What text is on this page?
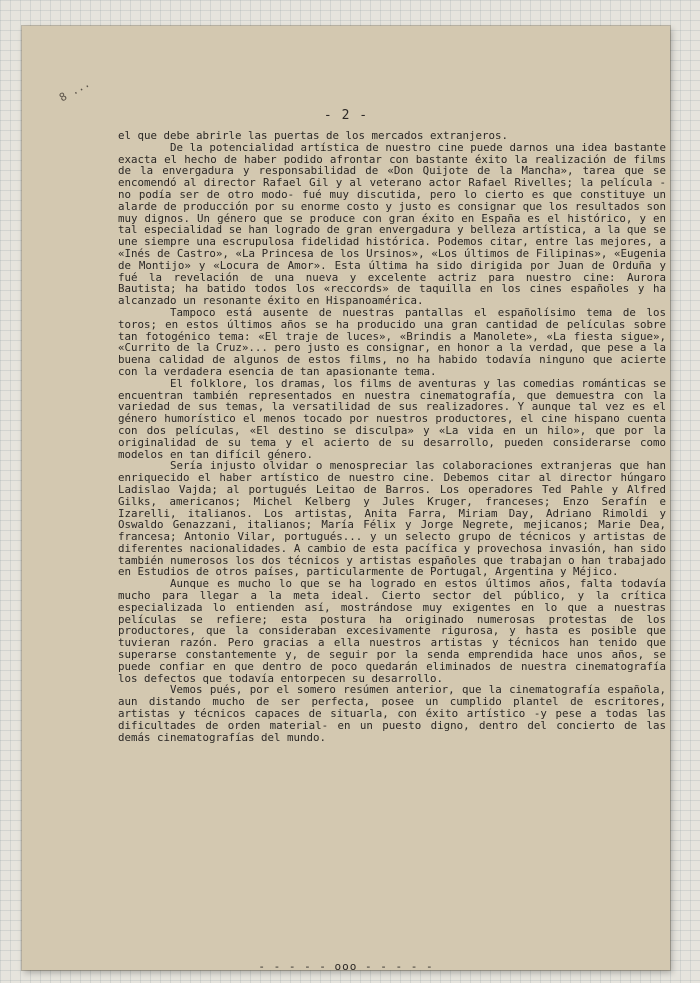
8 ...
- 2 -

el que debe abrirle las puertas de los mercados extranjeros.

De la potencialidad artística de nuestro cine puede darnos una idea bastante exacta el hecho de haber podido afrontar con bastante éxito la realización de films de la envergadura y responsabilidad de «Don Quijote de la Mancha», tarea que se encomendó al director Rafael Gil y al veterano actor Rafael Rivelles; la película -no podía ser de otro modo- fué muy discutida, pero lo cierto es que constituye un alarde de producción por su enorme costo y justo es consignar que los resultados son muy dignos. Un género que se produce con gran éxito en España es el histórico, y en tal especialidad se han logrado de gran envergadura y belleza artística, a la que se une siempre una escrupulosa fidelidad histórica. Podemos citar, entre las mejores, a «Inés de Castro», «La Princesa de los Ursinos», «Los últimos de Filipinas», «Eugenia de Montijo» y «Locura de Amor». Esta última ha sido dirigida por Juan de Orduña y fué la revelación de una nueva y excelente actriz para nuestro cine: Aurora Bautista; ha batido todos los «reccords» de taquilla en los cines españoles y ha alcanzado un resonante éxito en Hispanoamérica.

Tampoco está ausente de nuestras pantallas el españolísimo tema de los toros; en estos últimos años se ha producido una gran cantidad de películas sobre tan fotogénico tema: «El traje de luces», «Brindis a Manolete», «La fiesta sigue», «Currito de la Cruz»... pero justo es consignar, en honor a la verdad, que pese a la buena calidad de algunos de estos films, no ha habido todavía ninguno que acierte con la verdadera esencia de tan apasionante tema.

El folklore, los dramas, los films de aventuras y las comedias románticas se encuentran también representados en nuestra cinematografía, que demuestra con la variedad de sus temas, la versatilidad de sus realizadores. Y aunque tal vez es el género humorístico el menos tocado por nuestros productores, el cine hispano cuenta con dos películas, «El destino se disculpa» y «La vida en un hilo», que por la originalidad de su tema y el acierto de su desarrollo, pueden considerarse como modelos en tan difícil género.

Sería injusto olvidar o menospreciar las colaboraciones extranjeras que han enriquecido el haber artístico de nuestro cine. Debemos citar al director húngaro Ladislao Vajda; al portugués Leitao de Barros. Los operadores Ted Pahle y Alfred Gilks, americanos; Michel Kelberg y Jules Kruger, franceses; Enzo Serafín e Izarelli, italianos. Los artistas, Anita Farra, Miriam Day, Adriano Rimoldi y Oswaldo Genazzani, italianos; María Félix y Jorge Negrete, mejicanos; Marie Dea, francesa; Antonio Vilar, portugués... y un selecto grupo de técnicos y artistas de diferentes nacionalidades. A cambio de esta pacífica y provechosa invasión, han sido también numerosos los dos técnicos y artistas españoles que trabajan o han trabajado en Estudios de otros países, particularmente de Portugal, Argentina y Méjico.

Aunque es mucho lo que se ha logrado en estos últimos años, falta todavía mucho para llegar a la meta ideal. Cierto sector del público, y la crítica especializada lo entienden así, mostrándose muy exigentes en lo que a nuestras películas se refiere; esta postura ha originado numerosas protestas de los productores, que la consideraban excesivamente rigurosa, y hasta es posible que tuvieran razón. Pero gracias a ella nuestros artistas y técnicos han tenido que superarse constantemente y, de seguir por la senda emprendida hace unos años, se puede confiar en que dentro de poco quedarán eliminados de nuestra cinematografía los defectos que todavía entorpecen su desarrollo.

Vemos pués, por el somero resúmen anterior, que la cinematografía española, aun distando mucho de ser perfecta, posee un cumplido plantel de escritores, artistas y técnicos capaces de situarla, con éxito artístico -y pese a todas las dificultades de orden material- en un puesto digno, dentro del concierto de las demás cinematografías del mundo.

- - - - - ooo - - - - -
